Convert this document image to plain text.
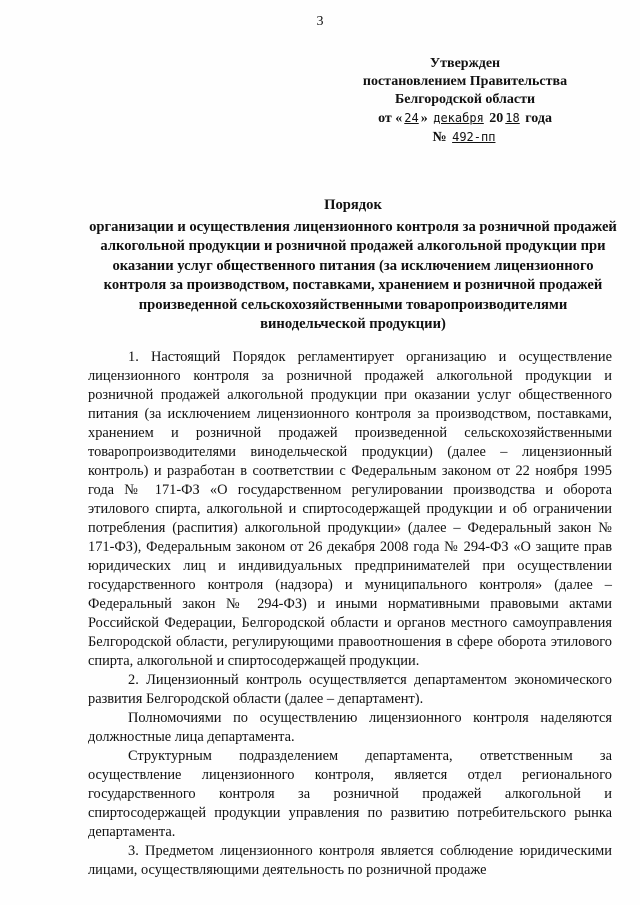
3
Утвержден
постановлением Правительства
Белгородской области
от « 24 » декабря 20 18 года
№ 492-пп
Порядок
организации и осуществления лицензионного контроля за розничной продажей алкогольной продукции и розничной продажей алкогольной продукции при оказании услуг общественного питания (за исключением лицензионного контроля за производством, поставками, хранением и розничной продажей произведенной сельскохозяйственными товаропроизводителями винодельческой продукции)

1. Настоящий Порядок регламентирует организацию и осуществление лицензионного контроля за розничной продажей алкогольной продукции и розничной продажей алкогольной продукции при оказании услуг общественного питания (за исключением лицензионного контроля за производством, поставками, хранением и розничной продажей произведенной сельскохозяйственными товаропроизводителями винодельческой продукции) (далее – лицензионный контроль) и разработан в соответствии с Федеральным законом от 22 ноября 1995 года № 171-ФЗ «О государственном регулировании производства и оборота этилового спирта, алкогольной и спиртосодержащей продукции и об ограничении потребления (распития) алкогольной продукции» (далее – Федеральный закон № 171-ФЗ), Федеральным законом от 26 декабря 2008 года № 294-ФЗ «О защите прав юридических лиц и индивидуальных предпринимателей при осуществлении государственного контроля (надзора) и муниципального контроля» (далее – Федеральный закон № 294-ФЗ) и иными нормативными правовыми актами Российской Федерации, Белгородской области и органов местного самоуправления Белгородской области, регулирующими правоотношения в сфере оборота этилового спирта, алкогольной и спиртосодержащей продукции.

2. Лицензионный контроль осуществляется департаментом экономического развития Белгородской области (далее – департамент).

Полномочиями по осуществлению лицензионного контроля наделяются должностные лица департамента.

Структурным подразделением департамента, ответственным за осуществление лицензионного контроля, является отдел регионального государственного контроля за розничной продажей алкогольной и спиртосодержащей продукции управления по развитию потребительского рынка департамента.

3. Предметом лицензионного контроля является соблюдение юридическими лицами, осуществляющими деятельность по розничной продаже
